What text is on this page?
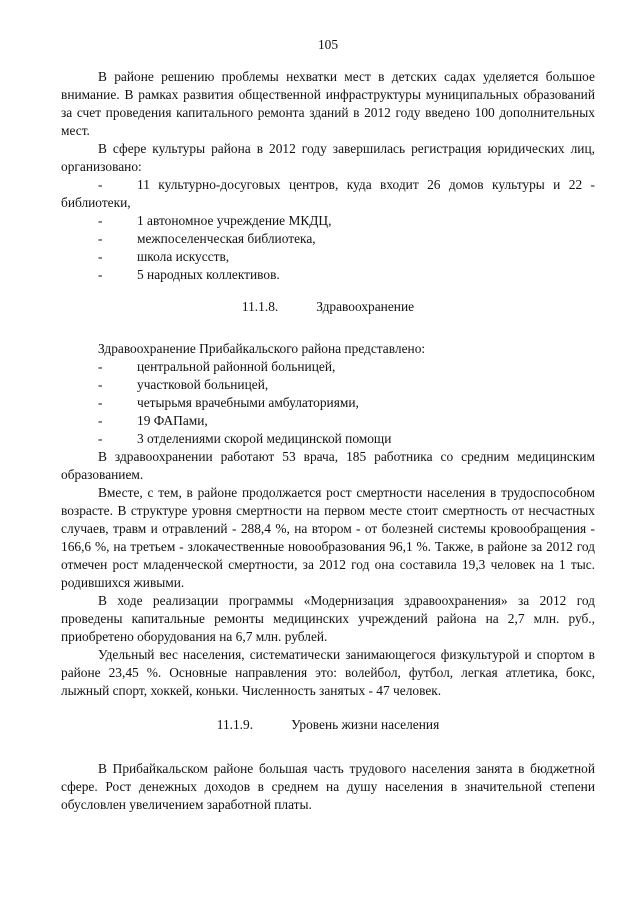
105

В районе решению проблемы нехватки мест в детских садах уделяется большое внимание. В рамках развития общественной инфраструктуры муниципальных образований за счет проведения капитального ремонта зданий в 2012 году введено 100 дополнительных мест.

В сфере культуры района в 2012 году завершилась регистрация юридических лиц, организовано:

-	11 культурно-досуговых центров, куда входит 26 домов культуры и 22 - библиотеки,
-	1 автономное учреждение МКДЦ,
-	межпоселенческая библиотека,
-	школа искусств,
-	5 народных коллективов.
11.1.8.	Здравоохранение

Здравоохранение Прибайкальского района представлено:

-	центральной районной больницей,
-	участковой больницей,
-	четырьмя врачебными амбулаториями,
-	19 ФАПами,
-	3 отделениями скорой медицинской помощи

В здравоохранении работают 53 врача, 185 работника со средним медицинским образованием.

Вместе, с тем, в районе продолжается рост смертности населения в трудоспособном возрасте. В структуре уровня смертности на первом месте стоит смертность от несчастных случаев, травм и отравлений - 288,4 %, на втором - от болезней системы кровообращения - 166,6 %, на третьем - злокачественные новообразования 96,1 %. Также, в районе за 2012 год отмечен рост младенческой смертности, за 2012 год она составила 19,3 человек на 1 тыс. родившихся живыми.

В ходе реализации программы «Модернизация здравоохранения» за 2012 год проведены капитальные ремонты медицинских учреждений района на 2,7 млн. руб., приобретено оборудования на 6,7 млн. рублей.

Удельный вес населения, систематически занимающегося физкультурой и спортом в районе 23,45 %. Основные направления это: волейбол, футбол, легкая атлетика, бокс, лыжный спорт, хоккей, коньки. Численность занятых - 47 человек.

11.1.9.	Уровень жизни населения

В Прибайкальском районе большая часть трудового населения занята в бюджетной сфере. Рост денежных доходов в среднем на душу населения в значительной степени обусловлен увеличением заработной платы.
